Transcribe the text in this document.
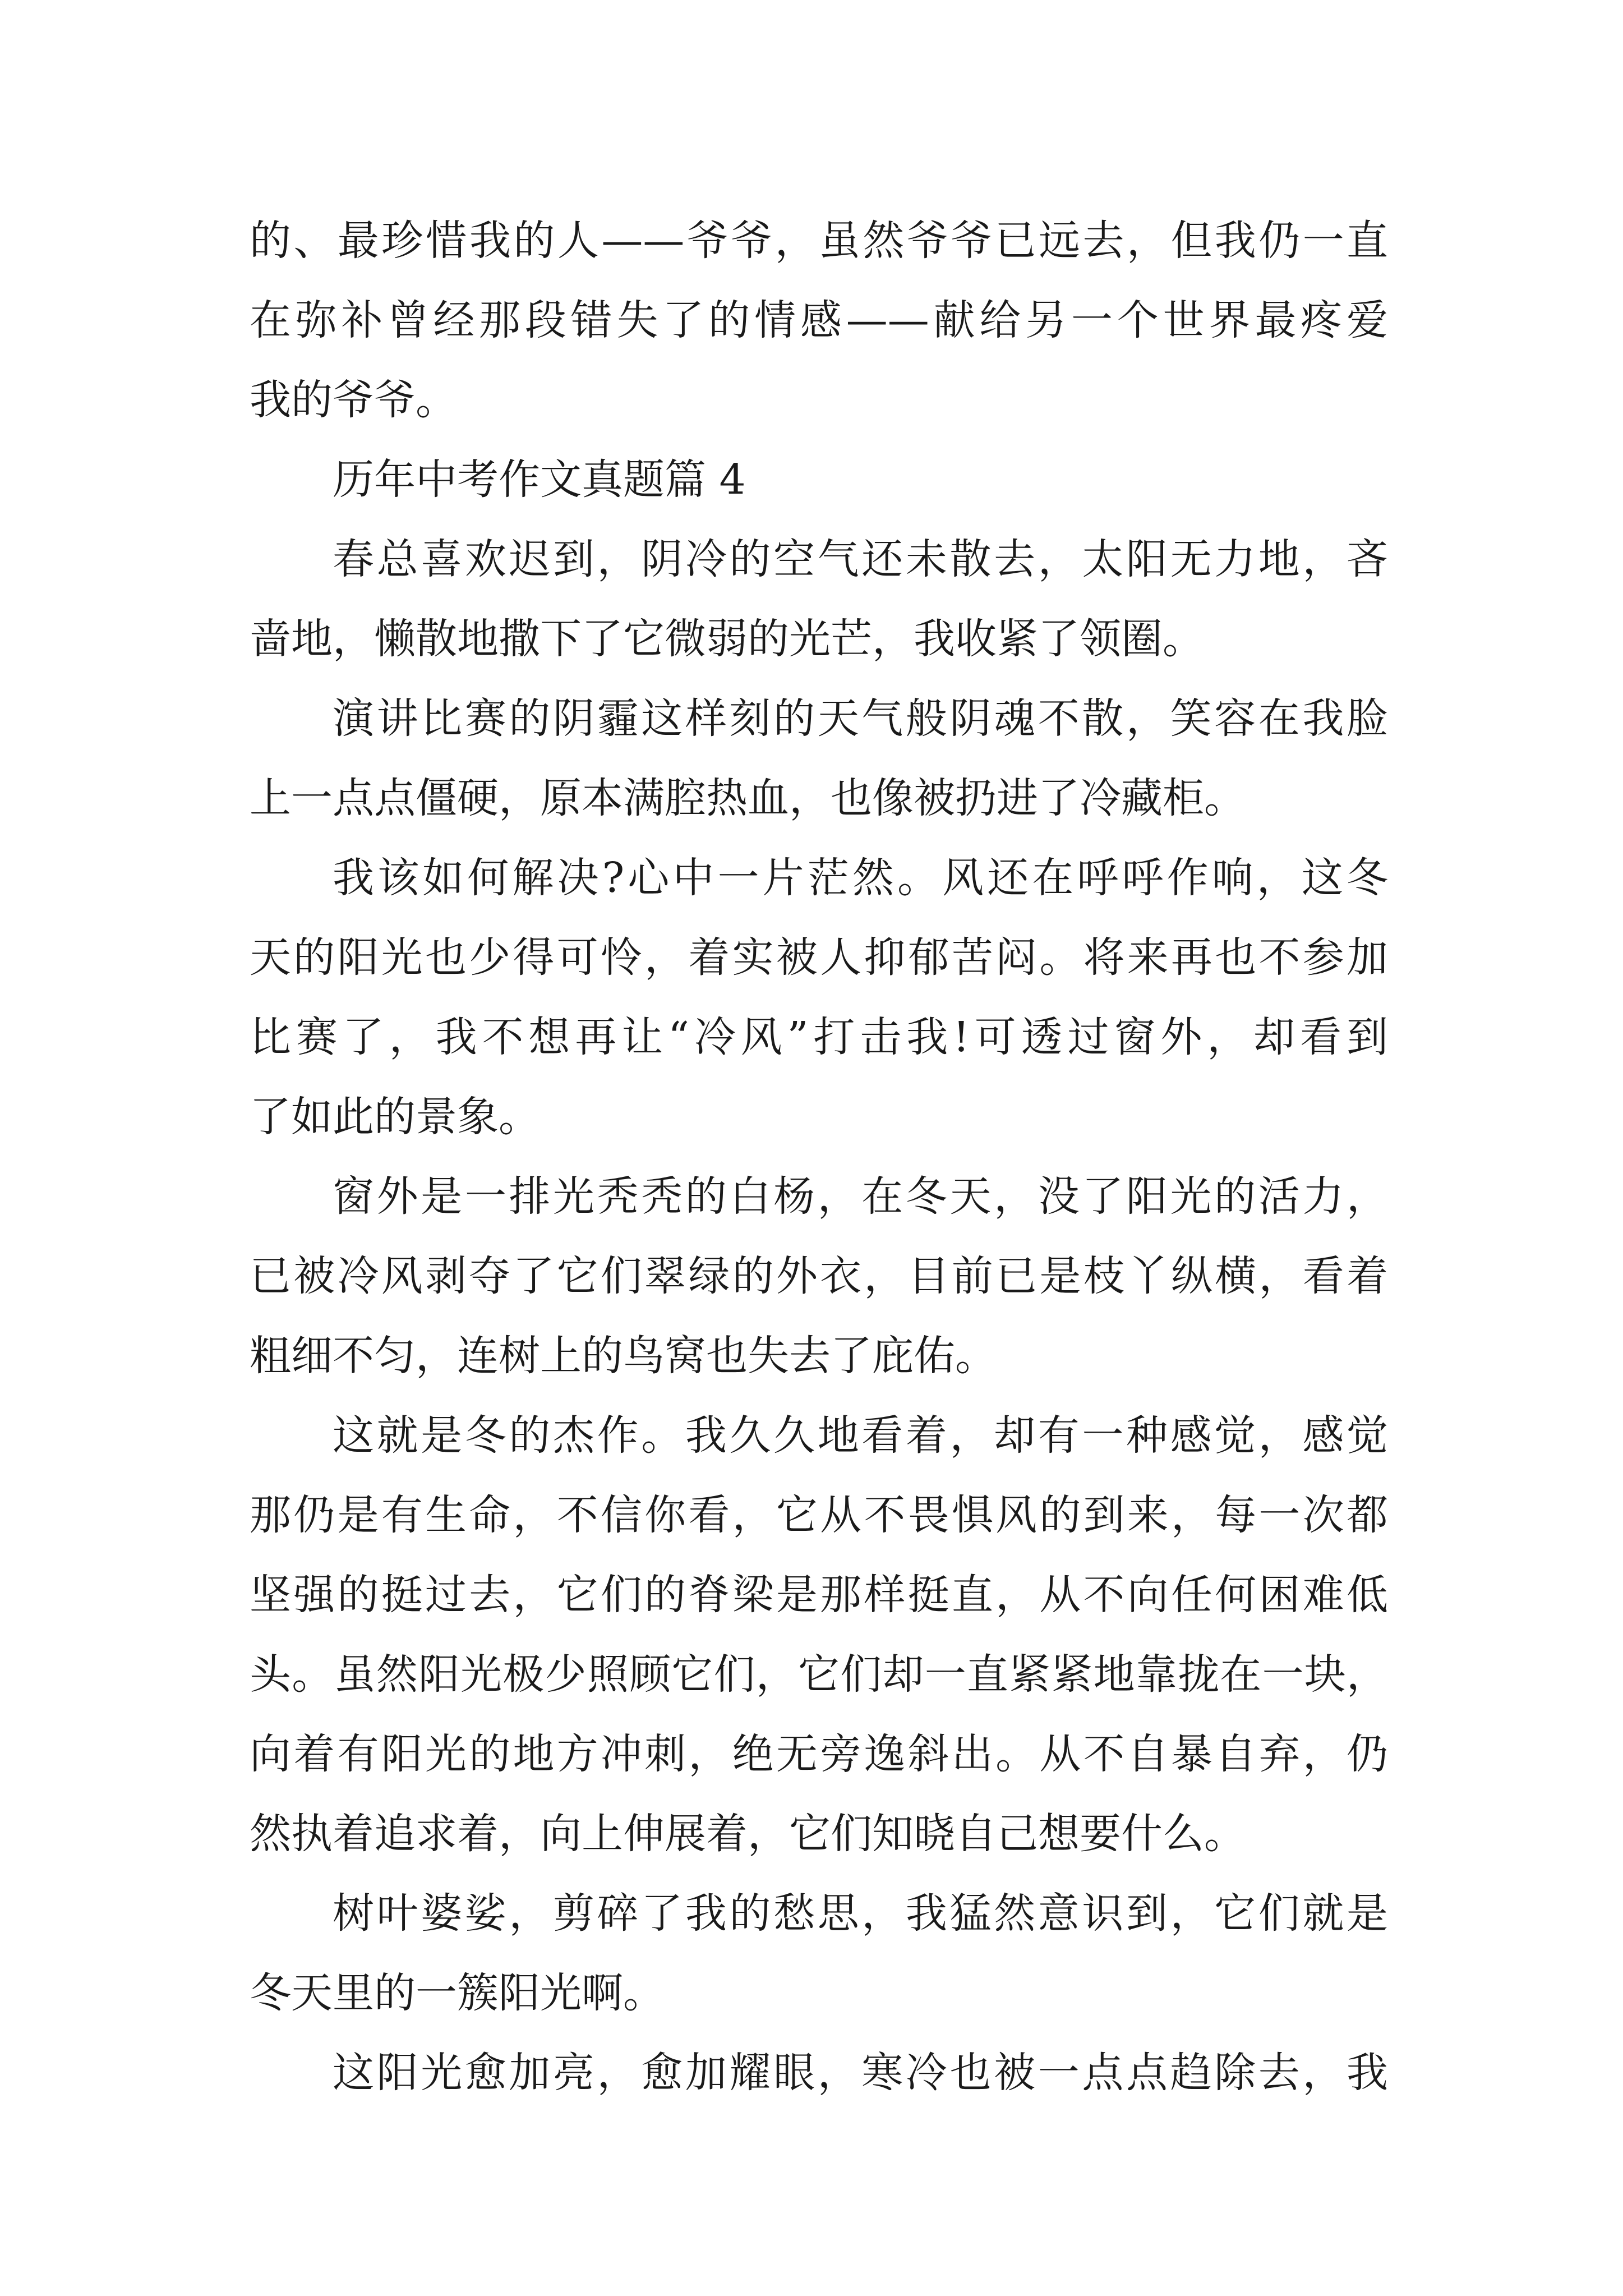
的、最珍惜我的人——爷爷，虽然爷爷已远去，但我仍一直
在弥补曾经那段错失了的情感——献给另一个世界最疼爱
我的爷爷。
历年中考作文真题篇 4
春总喜欢迟到，阴冷的空气还未散去，太阳无力地，吝
啬地，懒散地撒下了它微弱的光芒，我收紧了领圈。
演讲比赛的阴霾这样刻的天气般阴魂不散，笑容在我脸
上一点点僵硬，原本满腔热血，也像被扔进了冷藏柜。
我该如何解决?心中一片茫然。风还在呼呼作响，这冬
天的阳光也少得可怜，着实被人抑郁苦闷。将来再也不参加
比赛了，我不想再让“冷风”打击我!可透过窗外，却看到
了如此的景象。
窗外是一排光秃秃的白杨，在冬天，没了阳光的活力，
已被冷风剥夺了它们翠绿的外衣，目前已是枝丫纵横，看着
粗细不匀，连树上的鸟窝也失去了庇佑。
这就是冬的杰作。我久久地看着，却有一种感觉，感觉
那仍是有生命，不信你看，它从不畏惧风的到来，每一次都
坚强的挺过去，它们的脊梁是那样挺直，从不向任何困难低
头。虽然阳光极少照顾它们，它们却一直紧紧地靠拢在一块，
向着有阳光的地方冲刺，绝无旁逸斜出。从不自暴自弃，仍
然执着追求着，向上伸展着，它们知晓自己想要什么。
树叶婆娑，剪碎了我的愁思，我猛然意识到，它们就是
冬天里的一簇阳光啊。
这阳光愈加亮，愈加耀眼，寒冷也被一点点趋除去，我
